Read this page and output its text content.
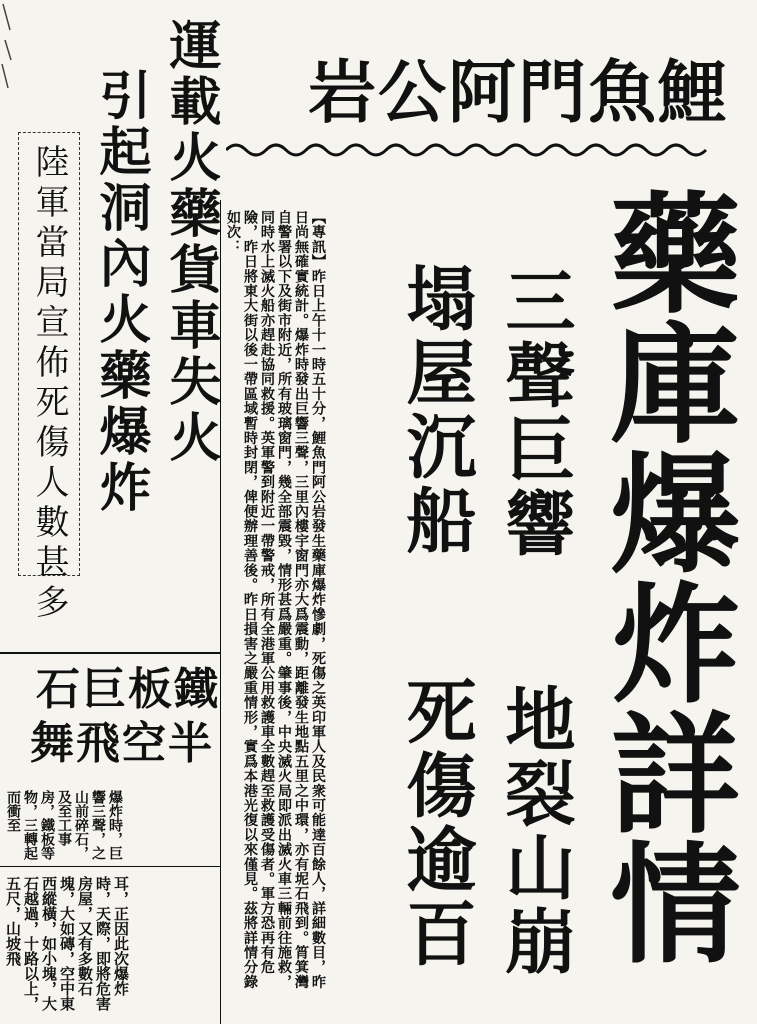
鯉魚門阿公岩
藥庫爆炸詳情
三聲巨響
地裂山崩
塌屋沉船
死傷逾百
運載火藥貨車失火
引起洞內火藥爆炸
陸軍當局宣佈死傷人數甚多	【專訊】昨日上午十一時五十分，鯉魚門阿公岩發生藥庫爆炸慘劇，死傷之英印軍人及民衆可能達百餘人，詳細數目，昨日尚無確實統計。爆炸時發出巨響三聲，三里內樓宇窗門亦大爲震動，距離發生地點五里之中環，亦有坭石飛到。筲箕灣自警署以下及街市附近，所有玻璃窗門，幾全部震毀，情形甚爲嚴重。肇事後，中央滅火局即派出滅火車三輛前往施救，同時水上滅火船亦趕赴協同救援。英軍警到附近一帶警戒，所有全港軍公用救護車全數趕至救護受傷者。軍方恐再有危險，昨日將東大街以後一帶區域暫時封閉，俾便辦理善後。昨日損害之嚴重情形，實爲本港光復以來僅見。茲將詳情分錄如次：
鐵板巨石
半空飛舞
爆炸時，巨響三聲，之山前碎石，及至工事房，鐵板等物，三轉起而衝至
耳，正因此次爆炸時，天際，即將危害房屋，又有多數石塊，大如磚，空中東西縱橫，如小塊，大石越過，十路以上，五尺，山坡飛
